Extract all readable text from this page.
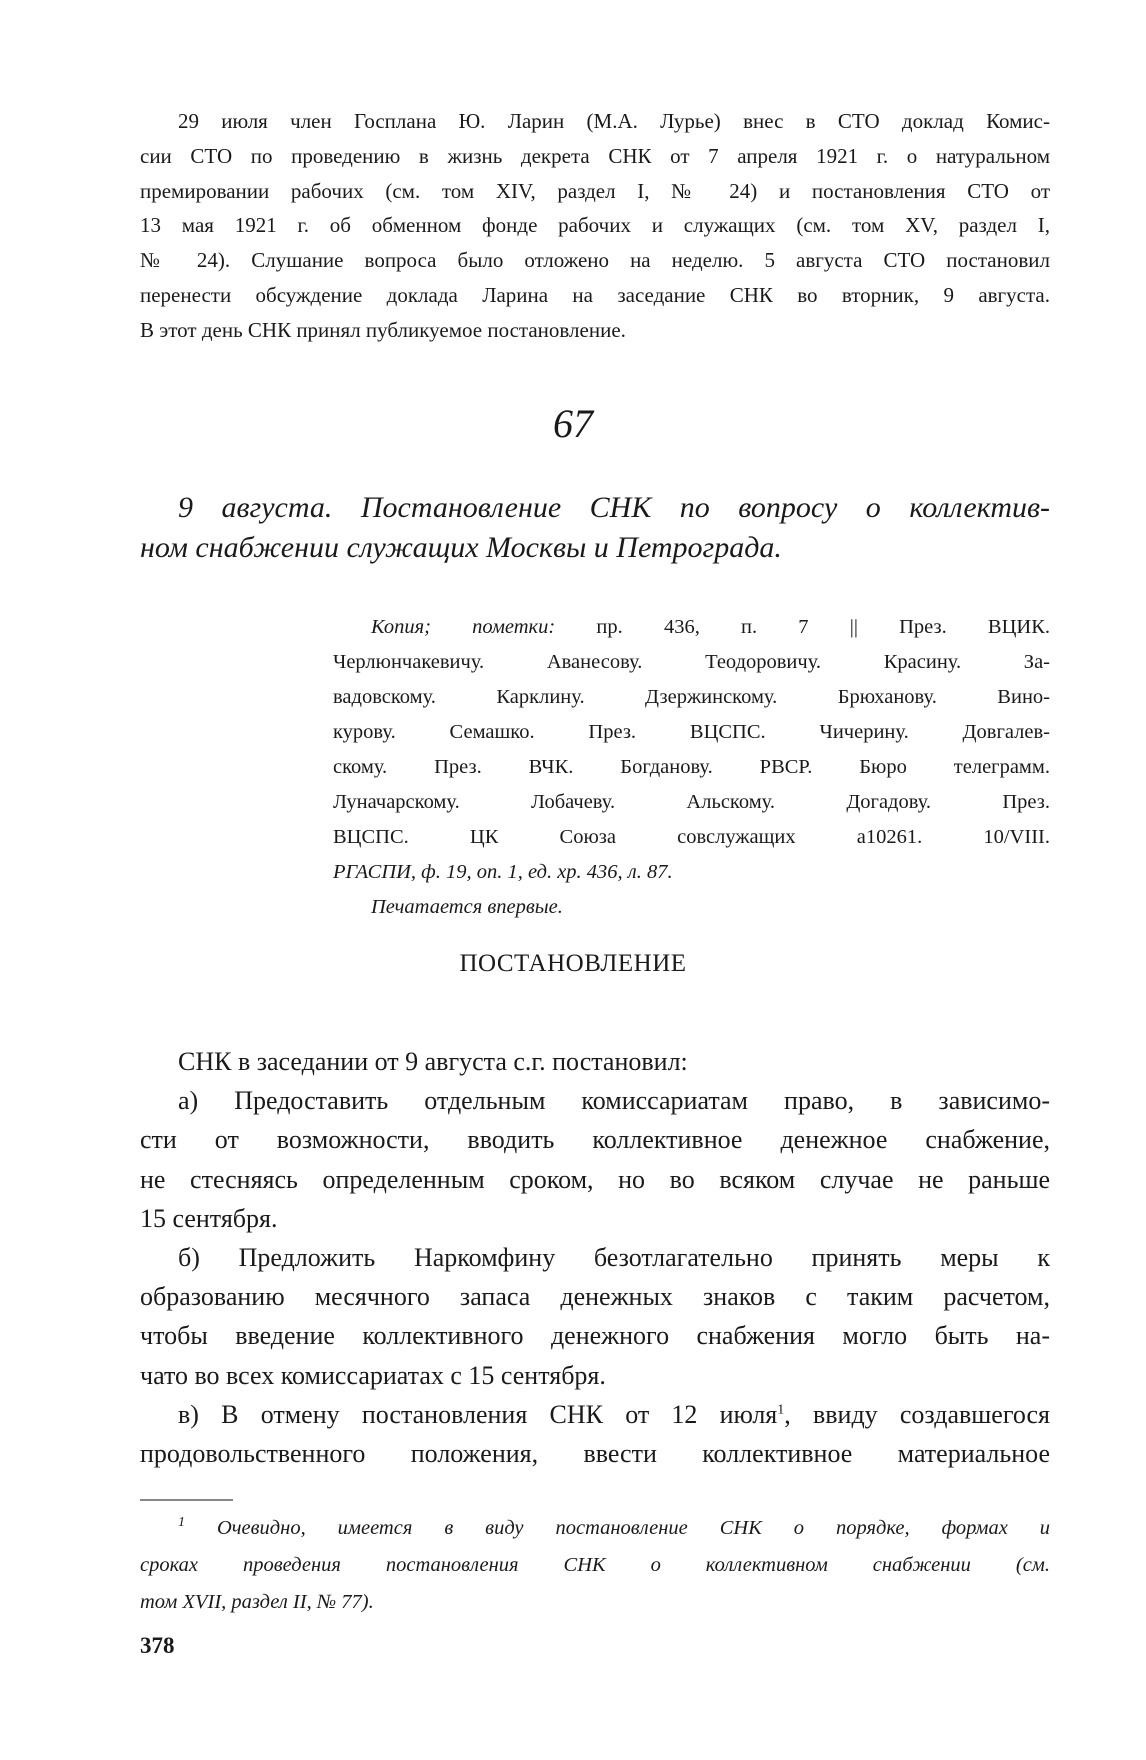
29 июля член Госплана Ю. Ларин (М.А. Лурье) внес в СТО доклад Комис-
сии СТО по проведению в жизнь декрета СНК от 7 апреля 1921 г. о натуральном
премировании рабочих (см. том XIV, раздел I, № 24) и постановления СТО от
13 мая 1921 г. об обменном фонде рабочих и служащих (см. том XV, раздел I,
№ 24). Слушание вопроса было отложено на неделю. 5 августа СТО постановил
перенести обсуждение доклада Ларина на заседание СНК во вторник, 9 августа.
В этот день СНК принял публикуемое постановление.
67
9 августа. Постановление СНК по вопросу о коллектив-
ном снабжении служащих Москвы и Петрограда.
Копия; пометки: пр. 436, п. 7 || През. ВЦИК.
Черлюнчакевичу. Аванесову. Теодоровичу. Красину. За-
вадовскому. Карклину. Дзержинскому. Брюханову. Вино-
курову. Семашко. През. ВЦСПС. Чичерину. Довгалев-
скому. През. ВЧК. Богданову. РВСР. Бюро телеграмм.
Луначарскому. Лобачеву. Альскому. Догадову. През.
ВЦСПС. ЦК Союза совслужащих а10261. 10/VIII.
РГАСПИ, ф. 19, оп. 1, ед. хр. 436, л. 87.
Печатается впервые.
ПОСТАНОВЛЕНИЕ
СНК в заседании от 9 августа с.г. постановил:
а) Предоставить отдельным комиссариатам право, в зависимо-
сти от возможности, вводить коллективное денежное снабжение,
не стесняясь определенным сроком, но во всяком случае не раньше
15 сентября.
б) Предложить Наркомфину безотлагательно принять меры к
образованию месячного запаса денежных знаков с таким расчетом,
чтобы введение коллективного денежного снабжения могло быть на-
чато во всех комиссариатах с 15 сентября.
в) В отмену постановления СНК от 12 июля$^1$, ввиду создавшегося
продовольственного положения, ввести коллективное материальное
$^1$ Очевидно, имеется в виду постановление СНК о порядке, формах и
сроках проведения постановления СНК о коллективном снабжении (см.
том XVII, раздел II, № 77).
378
